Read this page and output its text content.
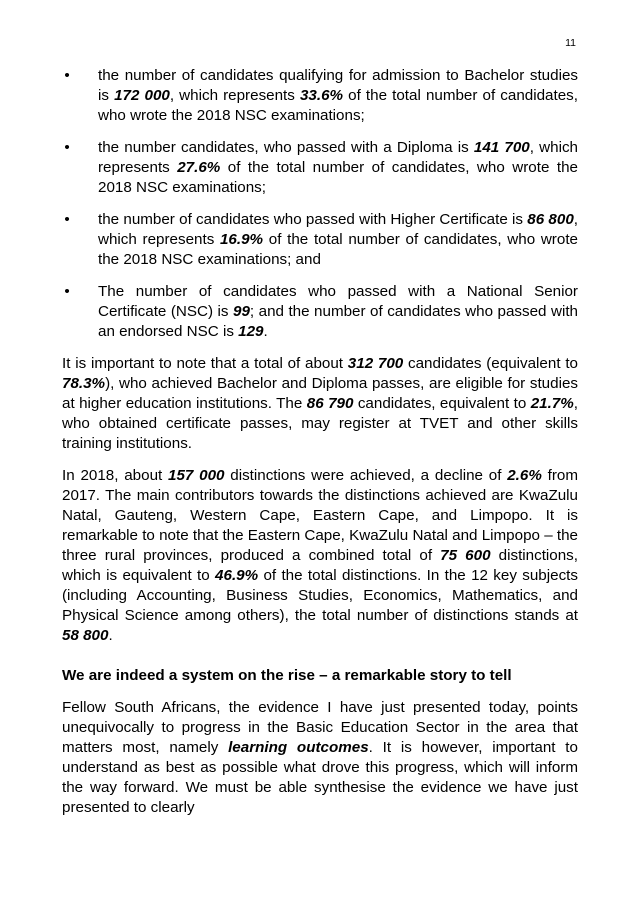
11
• the number of candidates qualifying for admission to Bachelor studies is 172 000, which represents 33.6% of the total number of candidates, who wrote the 2018 NSC examinations;
• the number candidates, who passed with a Diploma is 141 700, which represents 27.6% of the total number of candidates, who wrote the 2018 NSC examinations;
• the number of candidates who passed with Higher Certificate is 86 800, which represents 16.9% of the total number of candidates, who wrote the 2018 NSC examinations; and
• The number of candidates who passed with a National Senior Certificate (NSC) is 99; and the number of candidates who passed with an endorsed NSC is 129.

It is important to note that a total of about 312 700 candidates (equivalent to 78.3%), who achieved Bachelor and Diploma passes, are eligible for studies at higher education institutions. The 86 790 candidates, equivalent to 21.7%, who obtained certificate passes, may register at TVET and other skills training institutions.

In 2018, about 157 000 distinctions were achieved, a decline of 2.6% from 2017. The main contributors towards the distinctions achieved are KwaZulu Natal, Gauteng, Western Cape, Eastern Cape, and Limpopo. It is remarkable to note that the Eastern Cape, KwaZulu Natal and Limpopo – the three rural provinces, produced a combined total of 75 600 distinctions, which is equivalent to 46.9% of the total distinctions. In the 12 key subjects (including Accounting, Business Studies, Economics, Mathematics, and Physical Science among others), the total number of distinctions stands at 58 800.

We are indeed a system on the rise – a remarkable story to tell

Fellow South Africans, the evidence I have just presented today, points unequivocally to progress in the Basic Education Sector in the area that matters most, namely learning outcomes. It is however, important to understand as best as possible what drove this progress, which will inform the way forward. We must be able synthesise the evidence we have just presented to clearly
